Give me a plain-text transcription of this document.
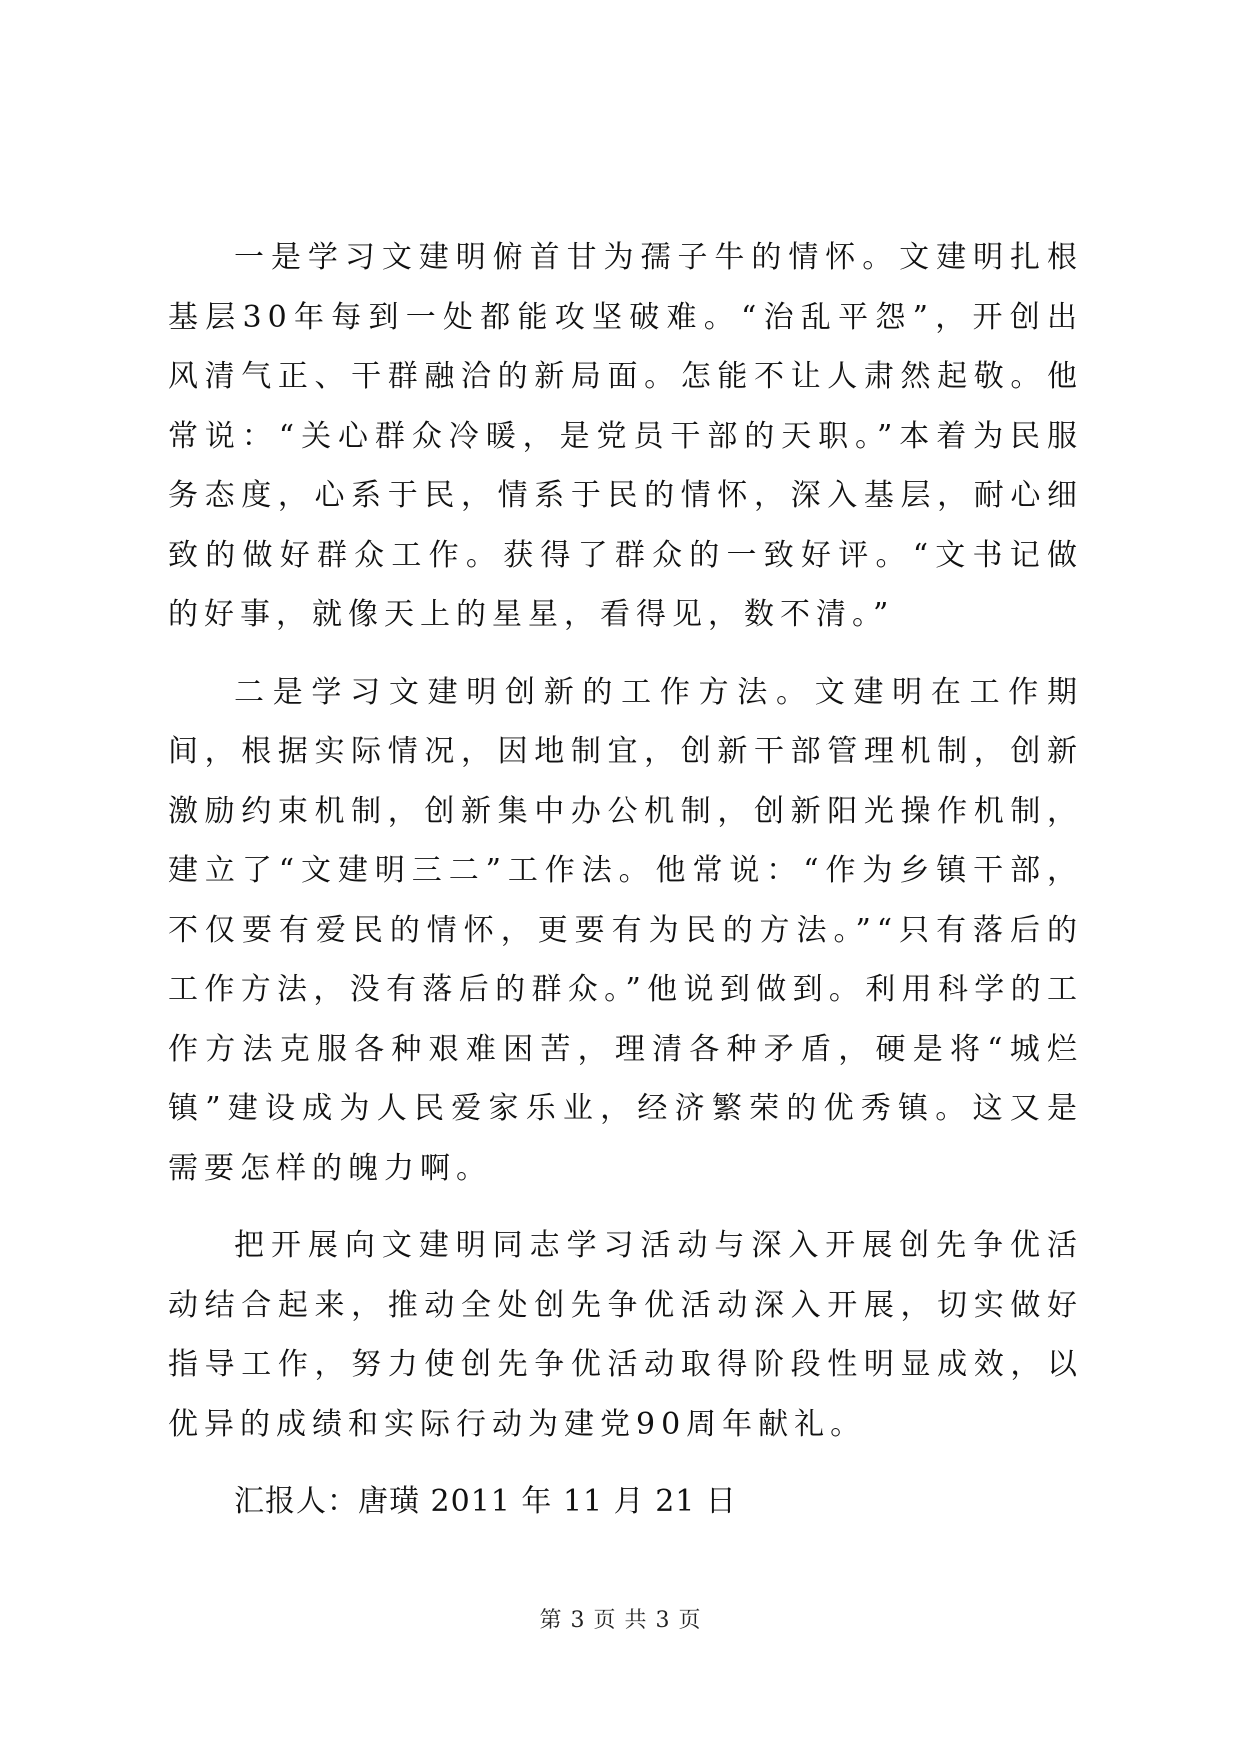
一是学习文建明俯首甘为孺子牛的情怀。文建明扎根基层30年每到一处都能攻坚破难。“治乱平怨”，开创出风清气正、干群融洽的新局面。怎能不让人肃然起敬。他常说：“关心群众冷暖，是党员干部的天职。”本着为民服务态度，心系于民，情系于民的情怀，深入基层，耐心细致的做好群众工作。获得了群众的一致好评。“文书记做的好事，就像天上的星星，看得见，数不清。”

二是学习文建明创新的工作方法。文建明在工作期间，根据实际情况，因地制宜，创新干部管理机制，创新激励约束机制，创新集中办公机制，创新阳光操作机制，建立了“文建明三二”工作法。他常说：“作为乡镇干部，不仅要有爱民的情怀，更要有为民的方法。”“只有落后的工作方法，没有落后的群众。”他说到做到。利用科学的工作方法克服各种艰难困苦，理清各种矛盾，硬是将“城烂镇”建设成为人民爱家乐业，经济繁荣的优秀镇。这又是需要怎样的魄力啊。

把开展向文建明同志学习活动与深入开展创先争优活动结合起来，推动全处创先争优活动深入开展，切实做好指导工作，努力使创先争优活动取得阶段性明显成效，以优异的成绩和实际行动为建党90周年献礼。

汇报人：唐璜 2011 年 11 月 21 日

第 3 页 共 3 页
